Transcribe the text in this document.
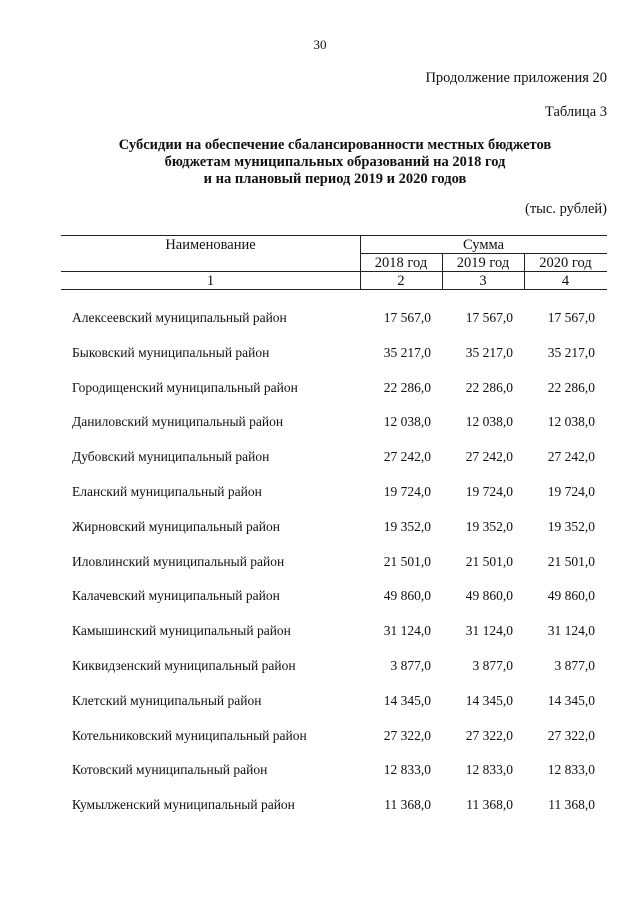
30
Продолжение приложения 20
Таблица 3
Субсидии на обеспечение сбалансированности местных бюджетов
бюджетам муниципальных образований на 2018 год
и на плановый период 2019 и 2020 годов
(тыс. рублей)
Наименование	Сумма
2018 год	2019 год	2020 год
1	2	3	4
Алексеевский муниципальный район	17 567,0	17 567,0	17 567,0
Быковский муниципальный район	35 217,0	35 217,0	35 217,0
Городищенский муниципальный район	22 286,0	22 286,0	22 286,0
Даниловский муниципальный район	12 038,0	12 038,0	12 038,0
Дубовский муниципальный район	27 242,0	27 242,0	27 242,0
Еланский муниципальный район	19 724,0	19 724,0	19 724,0
Жирновский муниципальный район	19 352,0	19 352,0	19 352,0
Иловлинский муниципальный район	21 501,0	21 501,0	21 501,0
Калачевский муниципальный район	49 860,0	49 860,0	49 860,0
Камышинский муниципальный район	31 124,0	31 124,0	31 124,0
Киквидзенский муниципальный район	3 877,0	3 877,0	3 877,0
Клетский муниципальный район	14 345,0	14 345,0	14 345,0
Котельниковский муниципальный район	27 322,0	27 322,0	27 322,0
Котовский муниципальный район	12 833,0	12 833,0	12 833,0
Кумылженский муниципальный район	11 368,0	11 368,0	11 368,0
